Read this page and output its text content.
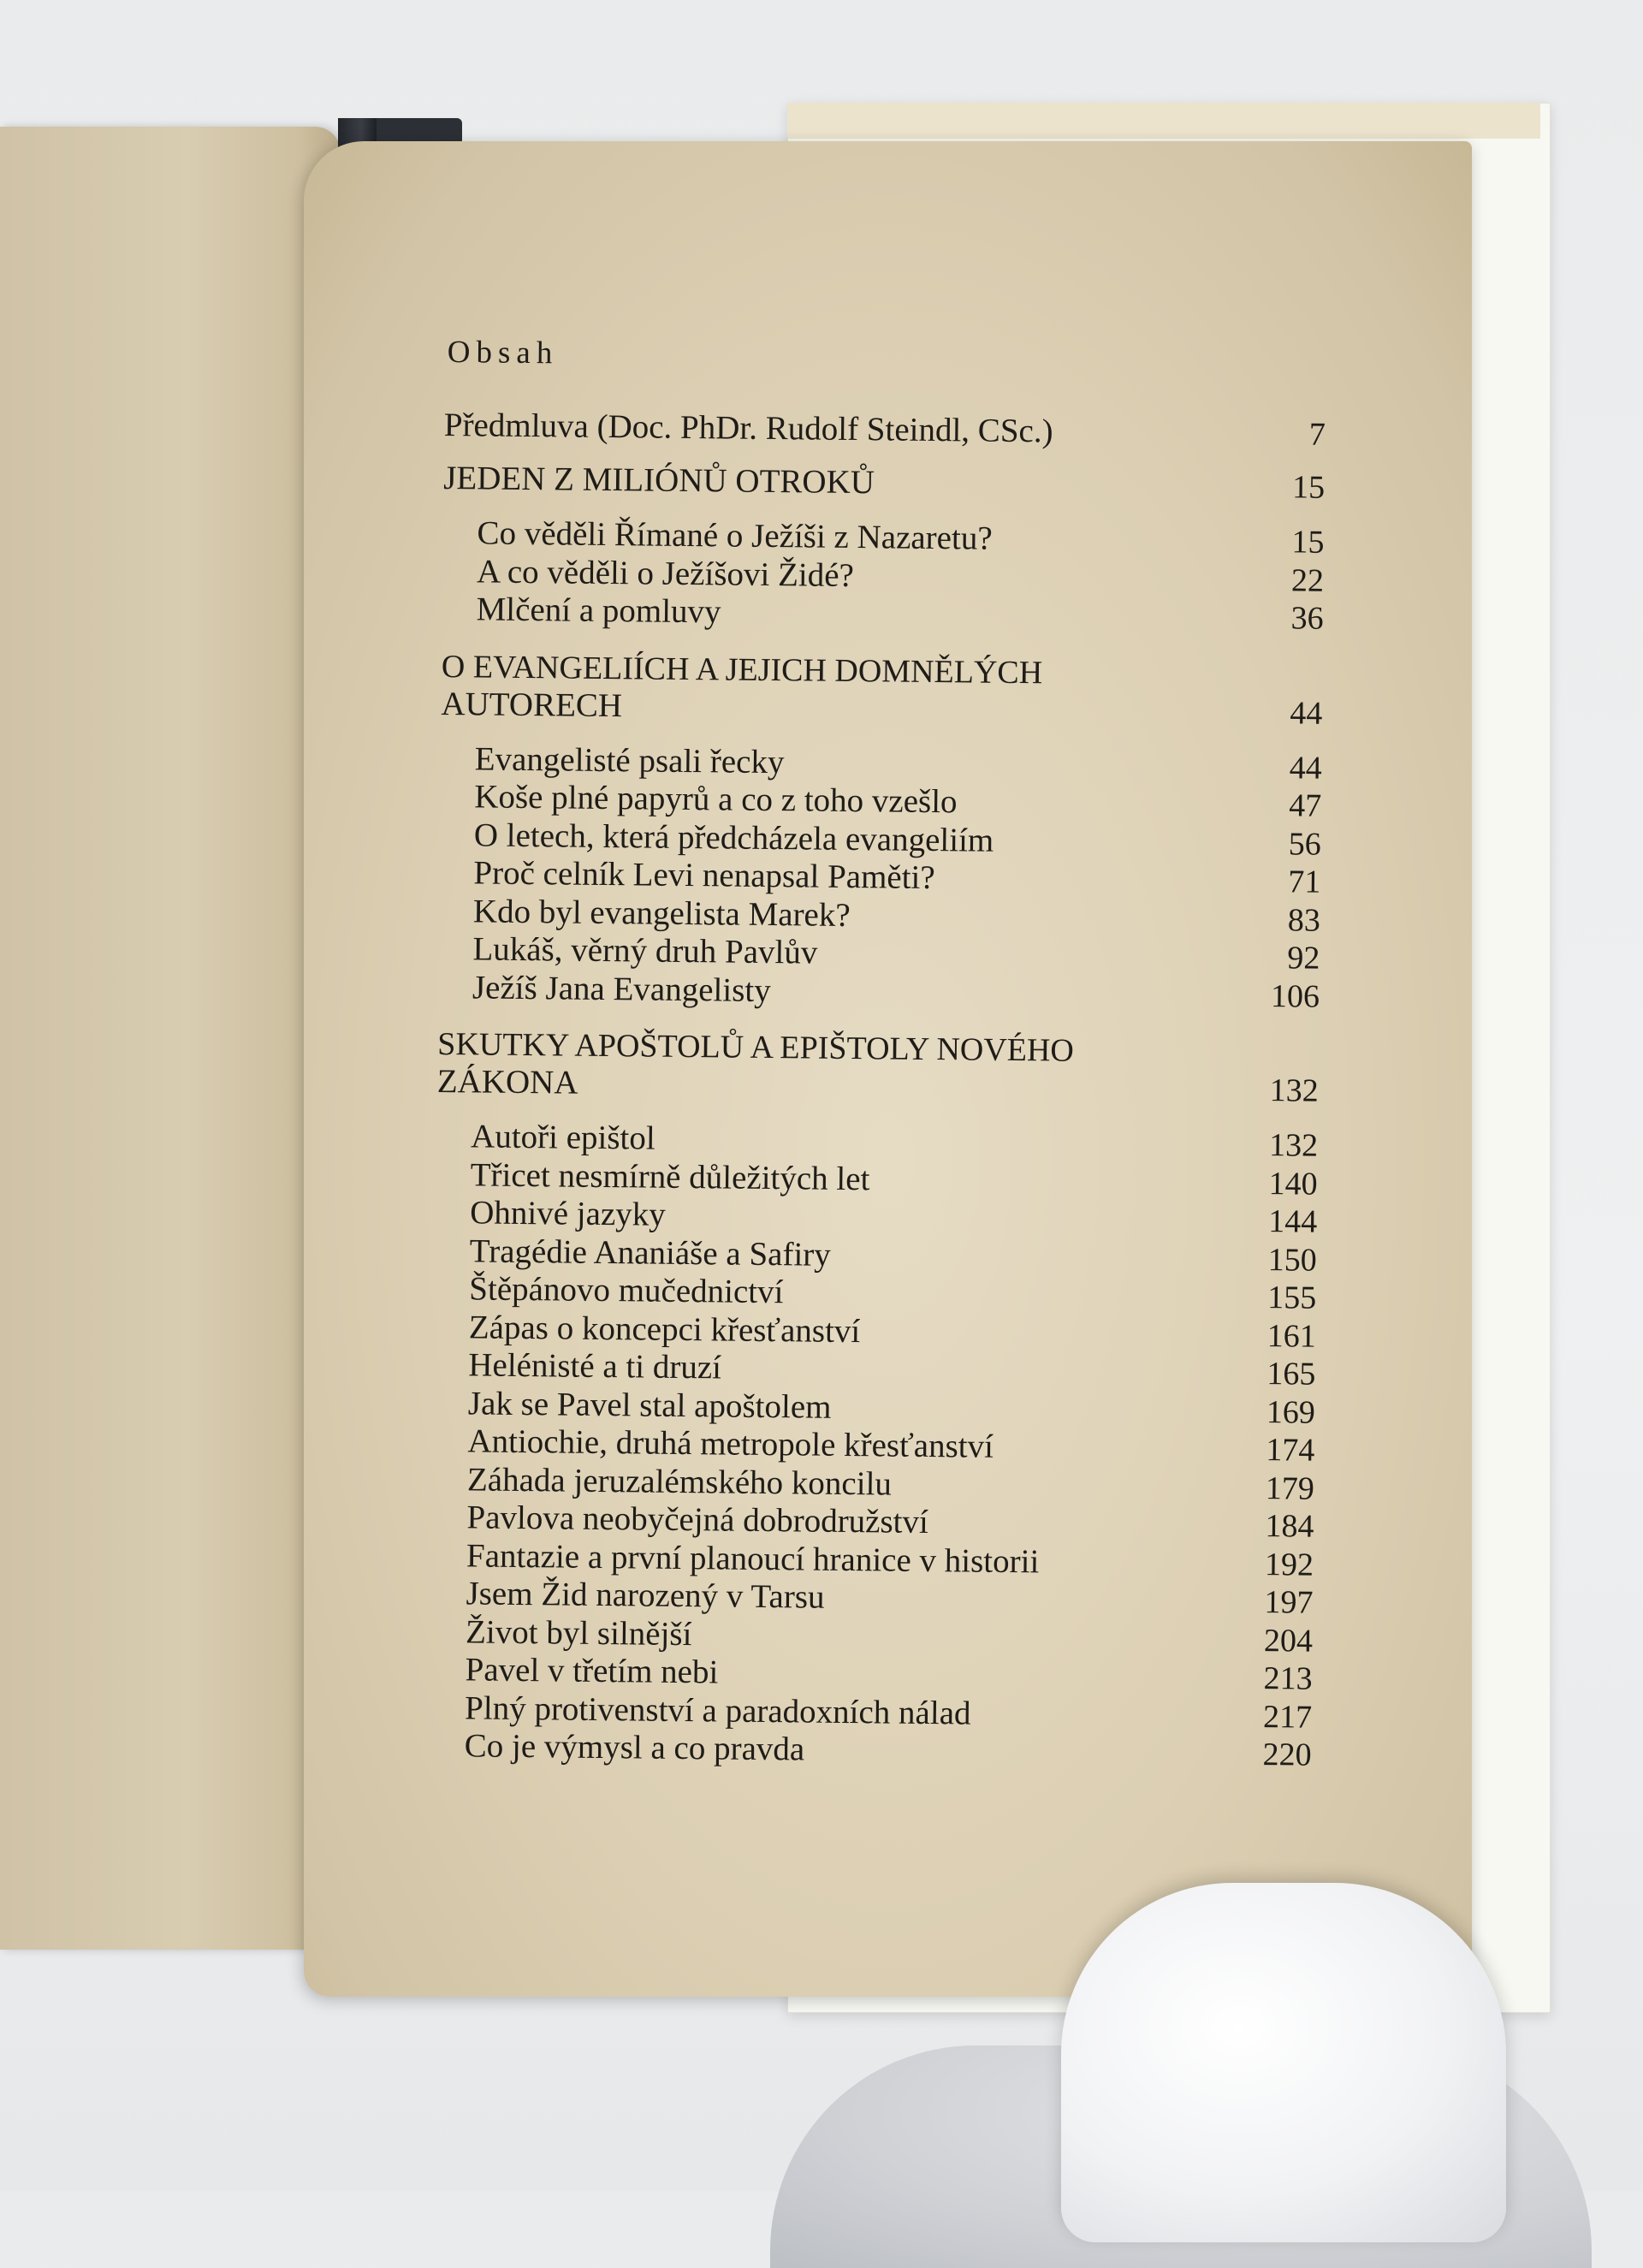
Obsah
Předmluva (Doc. PhDr. Rudolf Steindl, CSc.)	7
JEDEN Z MILIÓNŮ OTROKŮ	15
Co věděli Římané o Ježíši z Nazaretu?	15
A co věděli o Ježíšovi Židé?	22
Mlčení a pomluvy	36
O EVANGELIÍCH A JEJICH DOMNĚLÝCH
AUTORECH	44
Evangelisté psali řecky	44
Koše plné papyrů a co z toho vzešlo	47
O letech, která předcházela evangeliím	56
Proč celník Levi nenapsal Paměti?	71
Kdo byl evangelista Marek?	83
Lukáš, věrný druh Pavlův	92
Ježíš Jana Evangelisty	106
SKUTKY APOŠTOLŮ A EPIŠTOLY NOVÉHO
ZÁKONA	132
Autoři epištol	132
Třicet nesmírně důležitých let	140
Ohnivé jazyky	144
Tragédie Ananiáše a Safiry	150
Štěpánovo mučednictví	155
Zápas o koncepci křesťanství	161
Helénisté a ti druzí	165
Jak se Pavel stal apoštolem	169
Antiochie, druhá metropole křesťanství	174
Záhada jeruzalémského koncilu	179
Pavlova neobyčejná dobrodružství	184
Fantazie a první planoucí hranice v historii	192
Jsem Žid narozený v Tarsu	197
Život byl silnější	204
Pavel v třetím nebi	213
Plný protivenství a paradoxních nálad	217
Co je výmysl a co pravda	220
